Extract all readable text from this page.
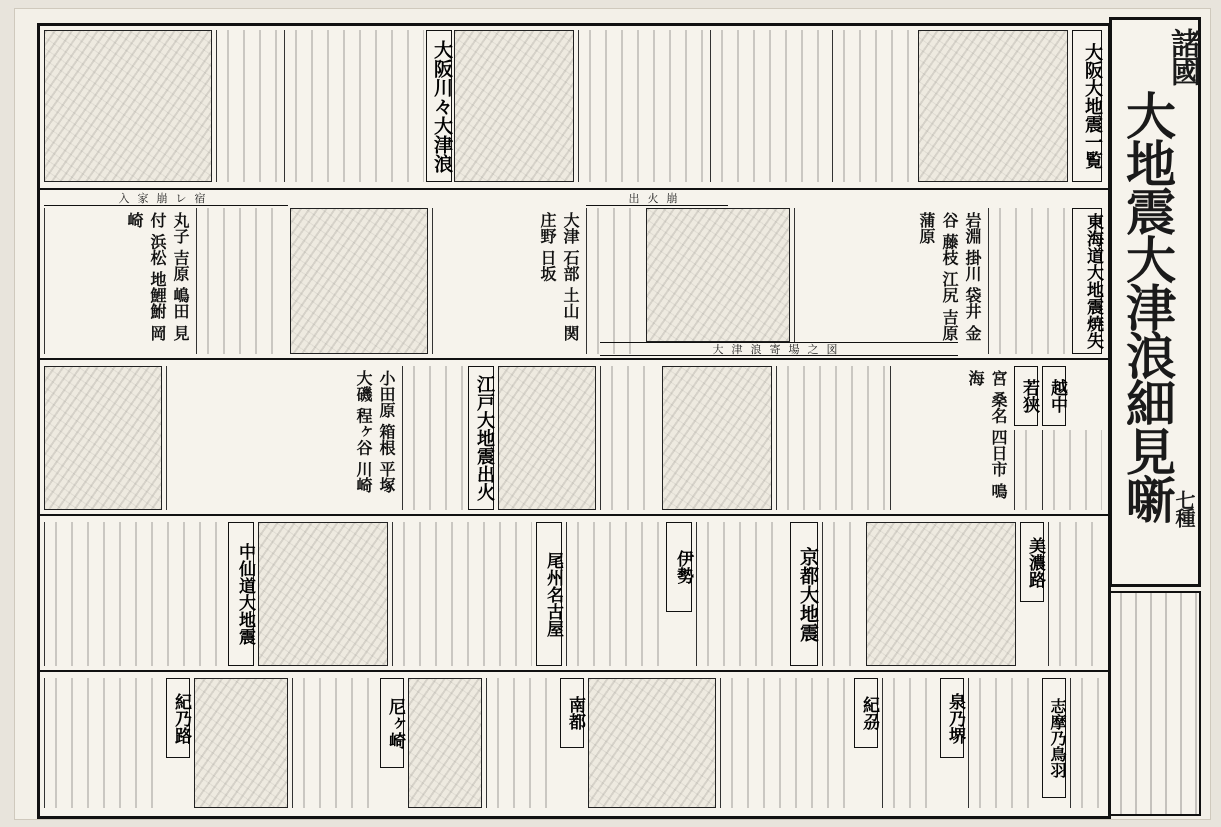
大阪川々大津浪	大阪大地震一覧
入家崩レ宿
丸子 吉原 嶋田 見付 浜松 地鯉鮒 岡崎	大津 石部 土山 関 庄野 日坂
出火崩
大津浪寄場之図
岩淵 掛川 袋井 金谷 藤枝 江尻 吉原 蒲原	東海道大地震焼失
小田原 箱根 平塚 大磯 程ヶ谷 川崎	江戸大地震出火	宮 桑名 四日市 鳴海
若狭 越中
中仙道大地震	尾州名古屋	伊勢	京都大地震	美濃路
紀乃路	尼ヶ崎	南都	紀刕	泉乃堺	志摩乃鳥羽
諸國
大地震大津浪細見噺
七種
